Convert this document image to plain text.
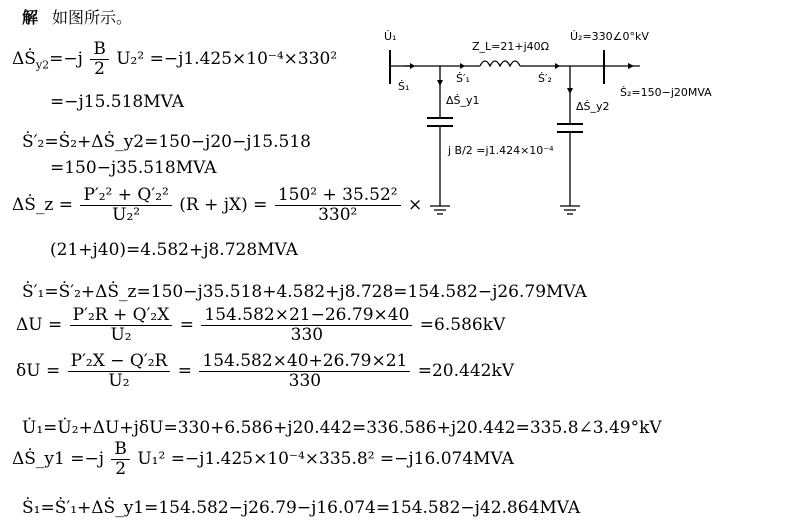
解 如图所示。
ΔṠ$_{y2}$=−j $\frac{B}{2} U_2^2 =-j1.425\times 10^{-4}\times 330^2$
=−j15.518MVA
Ṡ′₂=Ṡ₂+ΔṠ_y2=150−j20−j15.518
=150−j35.518MVA
ΔṠ_z = $\frac{\text{P′₂² + Q′₂²}}{\text{U₂²}} (R + jX) = \frac{\text{150² + 35.52²}}{\text{330²}}$ ×
(21+j40)=4.582+j8.728MVA
Ṡ′₁=Ṡ′₂+ΔṠ_z=150−j35.518+4.582+j8.728=154.582−j26.79MVA
$\Delta U = \frac{\text{P′₂R + Q′₂X}}{\text{U₂}} = \frac{154.582\times 21-26.79\times 40}{330} =6.586kV$
$\delta U = \frac{\text{P′₂X − Q′₂R}}{\text{U₂}} = \frac{154.582\times 40+26.79\times 21}{330} =20.442kV$
U̇₁=U̇₂+ΔU+jδU=330+6.586+j20.442=336.586+j20.442=335.8∠3.49°kV
ΔṠ_y1 $=-j \frac{B}{2} U_1^2 =-j1.425\times 10^{-4}\times 335.8^2 =-j16.074MVA$
Ṡ₁=Ṡ′₁+ΔṠ_y1=154.582−j26.79−j16.074=154.582−j42.864MVA
U̇₁	U̇₂=330∠0°kV
Z_L=21+j40Ω
Ṡ₁
Ṡ′₁	Ṡ′₂
Ṡ₂=150−j20MVA
ΔṠ_y1	ΔṠ_y2
j B/2 =j1.424×10⁻⁴
